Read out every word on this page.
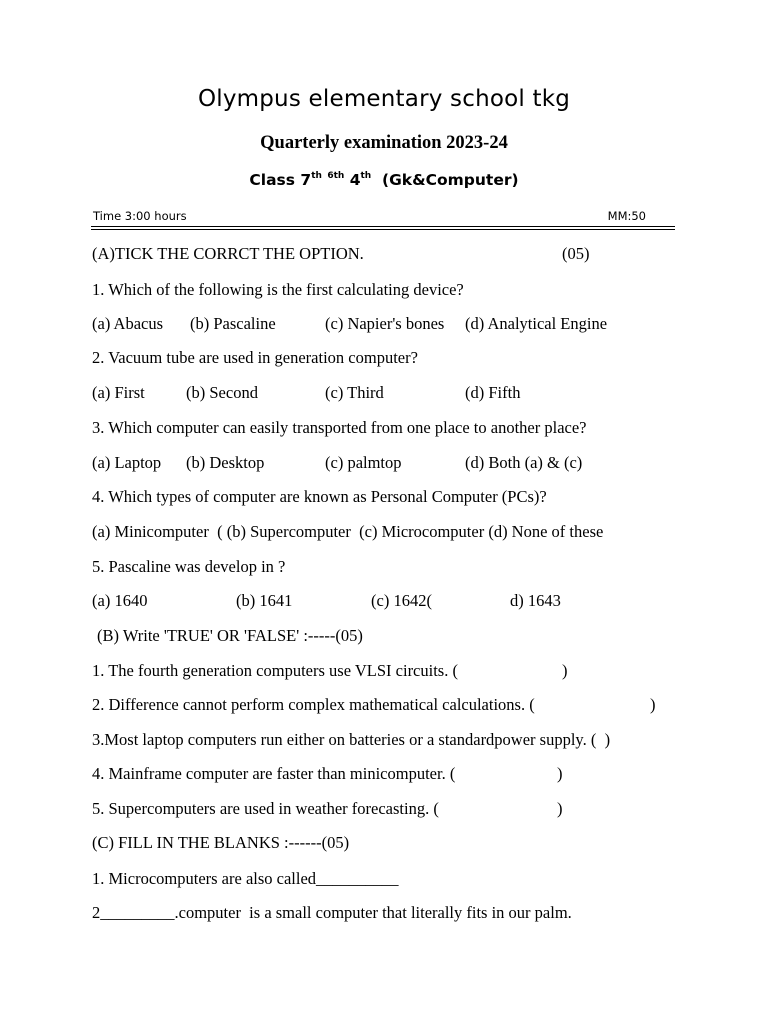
Olympus elementary school tkg
Quarterly examination 2023-24
Class 7th $^{6th}$ 4th  (Gk&Computer)
Time 3:00 hours	MM:50

(A)TICK THE CORRCT THE OPTION.

	(05)

1. Which of the following is the first calculating device?

(a) Abacus

(b) Pascaline

	(c) Napier's bones

(d) Analytical Engine

2. Vacuum tube are used in generation computer?

(a) First

	(b) Second

	(c) Third

	(d) Fifth

3. Which computer can easily transported from one place to another place?

(a) Laptop

(b) Desktop

	(c) palmtop

	(d) Both (a) & (c)

4. Which types of computer are known as Personal Computer (PCs)?

(a) Minicomputer  ( (b) Supercomputer  (c) Microcomputer (d) None of these

5. Pascaline was develop in ?

(a) 1640

	(b) 1641

	(c) 1642(

	d) 1643

(B) Write 'TRUE' OR 'FALSE' :-----(05)

1. The fourth generation computers use VLSI circuits. (

	)

2. Difference cannot perform complex mathematical calculations. (

	)

3.Most laptop computers run either on batteries or a standardpower supply. (  )

4. Mainframe computer are faster than minicomputer. (

	)

5. Supercomputers are used in weather forecasting. (

	)

(C) FILL IN THE BLANKS :------(05)

1. Microcomputers are also called__________

2_________.computer  is a small computer that literally fits in our palm.
